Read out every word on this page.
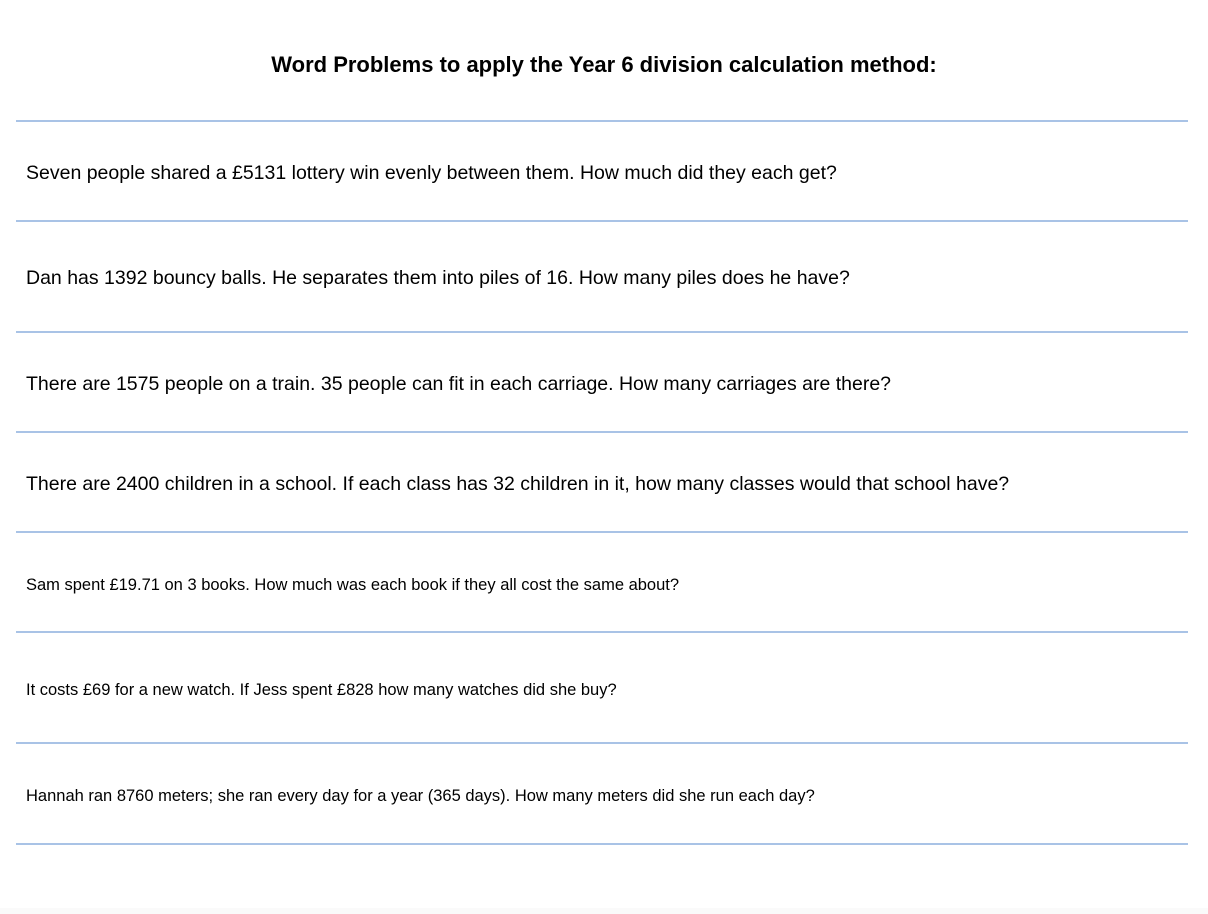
Word Problems to apply the Year 6 division calculation method:
Seven people shared a £5131 lottery win evenly between them. How much did they each get?
Dan has 1392 bouncy balls. He separates them into piles of 16. How many piles does he have?
There are 1575 people on a train. 35 people can fit in each carriage. How many carriages are there?
There are 2400 children in a school. If each class has 32 children in it, how many classes would that school have?
Sam spent £19.71 on 3 books. How much was each book if they all cost the same about?
It costs £69 for a new watch. If Jess spent £828 how many watches did she buy?
Hannah ran 8760 meters; she ran every day for a year (365 days). How many meters did she run each day?
